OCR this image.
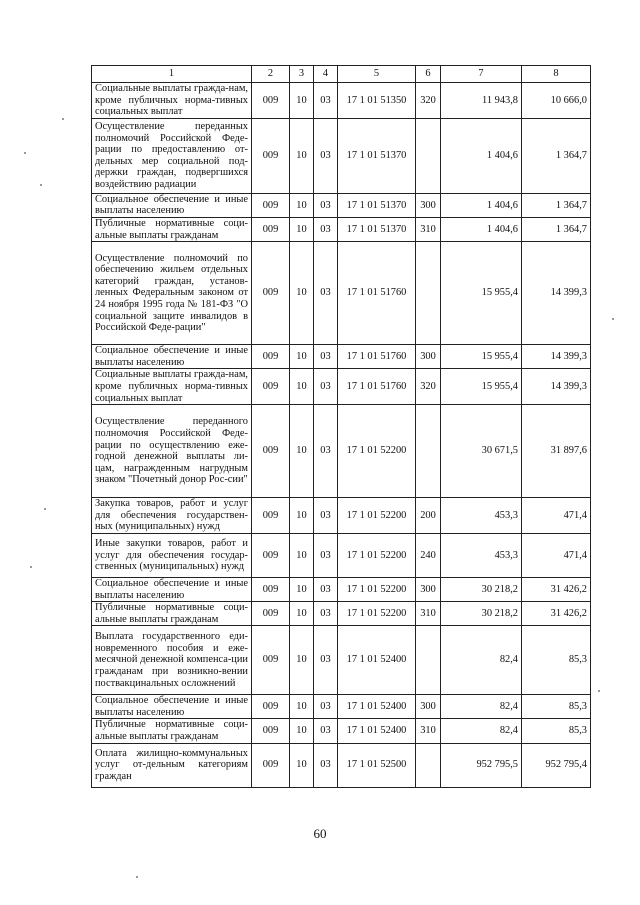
1	2	3	4	5	6	7	8
Социальные выплаты гражда-нам, кроме публичных норма-тивных социальных выплат	009	10	03	17 1 01 51350	320	11 943,8	10 666,0
Осуществление переданных полномочий Российской Феде-рации по предоставлению от-дельных мер социальной под-держки граждан, подвергшихся воздействию радиации	009	10	03	17 1 01 51370		1 404,6	1 364,7
Социальное обеспечение и иные выплаты населению	009	10	03	17 1 01 51370	300	1 404,6	1 364,7
Публичные нормативные соци-альные выплаты гражданам	009	10	03	17 1 01 51370	310	1 404,6	1 364,7
Осуществление полномочий по обеспечению жильем отдельных категорий граждан, установ-ленных Федеральным законом от 24 ноября 1995 года № 181-ФЗ "О социальной защите инвалидов в Российской Феде-рации"	009	10	03	17 1 01 51760		15 955,4	14 399,3
Социальное обеспечение и иные выплаты населению	009	10	03	17 1 01 51760	300	15 955,4	14 399,3
Социальные выплаты гражда-нам, кроме публичных норма-тивных социальных выплат	009	10	03	17 1 01 51760	320	15 955,4	14 399,3
Осуществление переданного полномочия Российской Феде-рации по осуществлению еже-годной денежной выплаты ли-цам, награжденным нагрудным знаком "Почетный донор Рос-сии"	009	10	03	17 1 01 52200		30 671,5	31 897,6
Закупка товаров, работ и услуг для обеспечения государствен-ных (муниципальных) нужд	009	10	03	17 1 01 52200	200	453,3	471,4
Иные закупки товаров, работ и услуг для обеспечения государ-ственных (муниципальных) нужд	009	10	03	17 1 01 52200	240	453,3	471,4
Социальное обеспечение и иные выплаты населению	009	10	03	17 1 01 52200	300	30 218,2	31 426,2
Публичные нормативные соци-альные выплаты гражданам	009	10	03	17 1 01 52200	310	30 218,2	31 426,2
Выплата государственного еди-новременного пособия и еже-месячной денежной компенса-ции гражданам при возникно-вении поствакцинальных осложнений	009	10	03	17 1 01 52400		82,4	85,3
Социальное обеспечение и иные выплаты населению	009	10	03	17 1 01 52400	300	82,4	85,3
Публичные нормативные соци-альные выплаты гражданам	009	10	03	17 1 01 52400	310	82,4	85,3
Оплата жилищно-коммунальных услуг от-дельным категориям граждан	009	10	03	17 1 01 52500		952 795,5	952 795,4
60
